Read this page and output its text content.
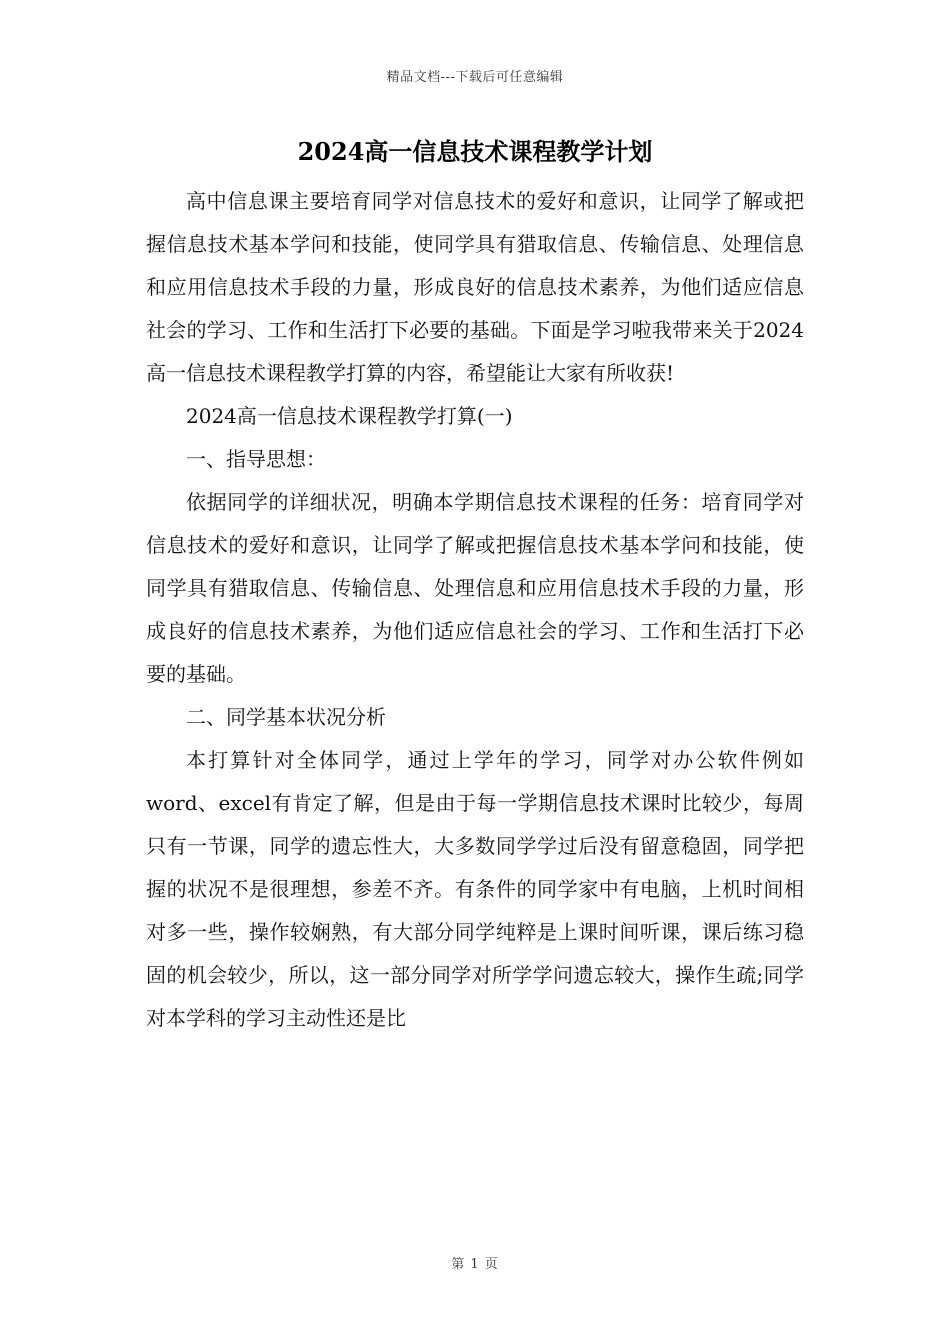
精品文档---下载后可任意编辑
2024高一信息技术课程教学计划

高中信息课主要培育同学对信息技术的爱好和意识，让同学了解或把握信息技术基本学问和技能，使同学具有猎取信息、传输信息、处理信息和应用信息技术手段的力量，形成良好的信息技术素养，为他们适应信息社会的学习、工作和生活打下必要的基础。下面是学习啦我带来关于2024高一信息技术课程教学打算的内容，希望能让大家有所收获!

2024高一信息技术课程教学打算(一)

一、指导思想：

依据同学的详细状况，明确本学期信息技术课程的任务：培育同学对信息技术的爱好和意识，让同学了解或把握信息技术基本学问和技能，使同学具有猎取信息、传输信息、处理信息和应用信息技术手段的力量，形成良好的信息技术素养，为他们适应信息社会的学习、工作和生活打下必要的基础。

二、同学基本状况分析

本打算针对全体同学，通过上学年的学习，同学对办公软件例如word、excel有肯定了解，但是由于每一学期信息技术课时比较少，每周只有一节课，同学的遗忘性大，大多数同学学过后没有留意稳固，同学把握的状况不是很理想，参差不齐。有条件的同学家中有电脑，上机时间相对多一些，操作较娴熟，有大部分同学纯粹是上课时间听课，课后练习稳固的机会较少，所以，这一部分同学对所学学问遗忘较大，操作生疏;同学对本学科的学习主动性还是比

第 1 页
